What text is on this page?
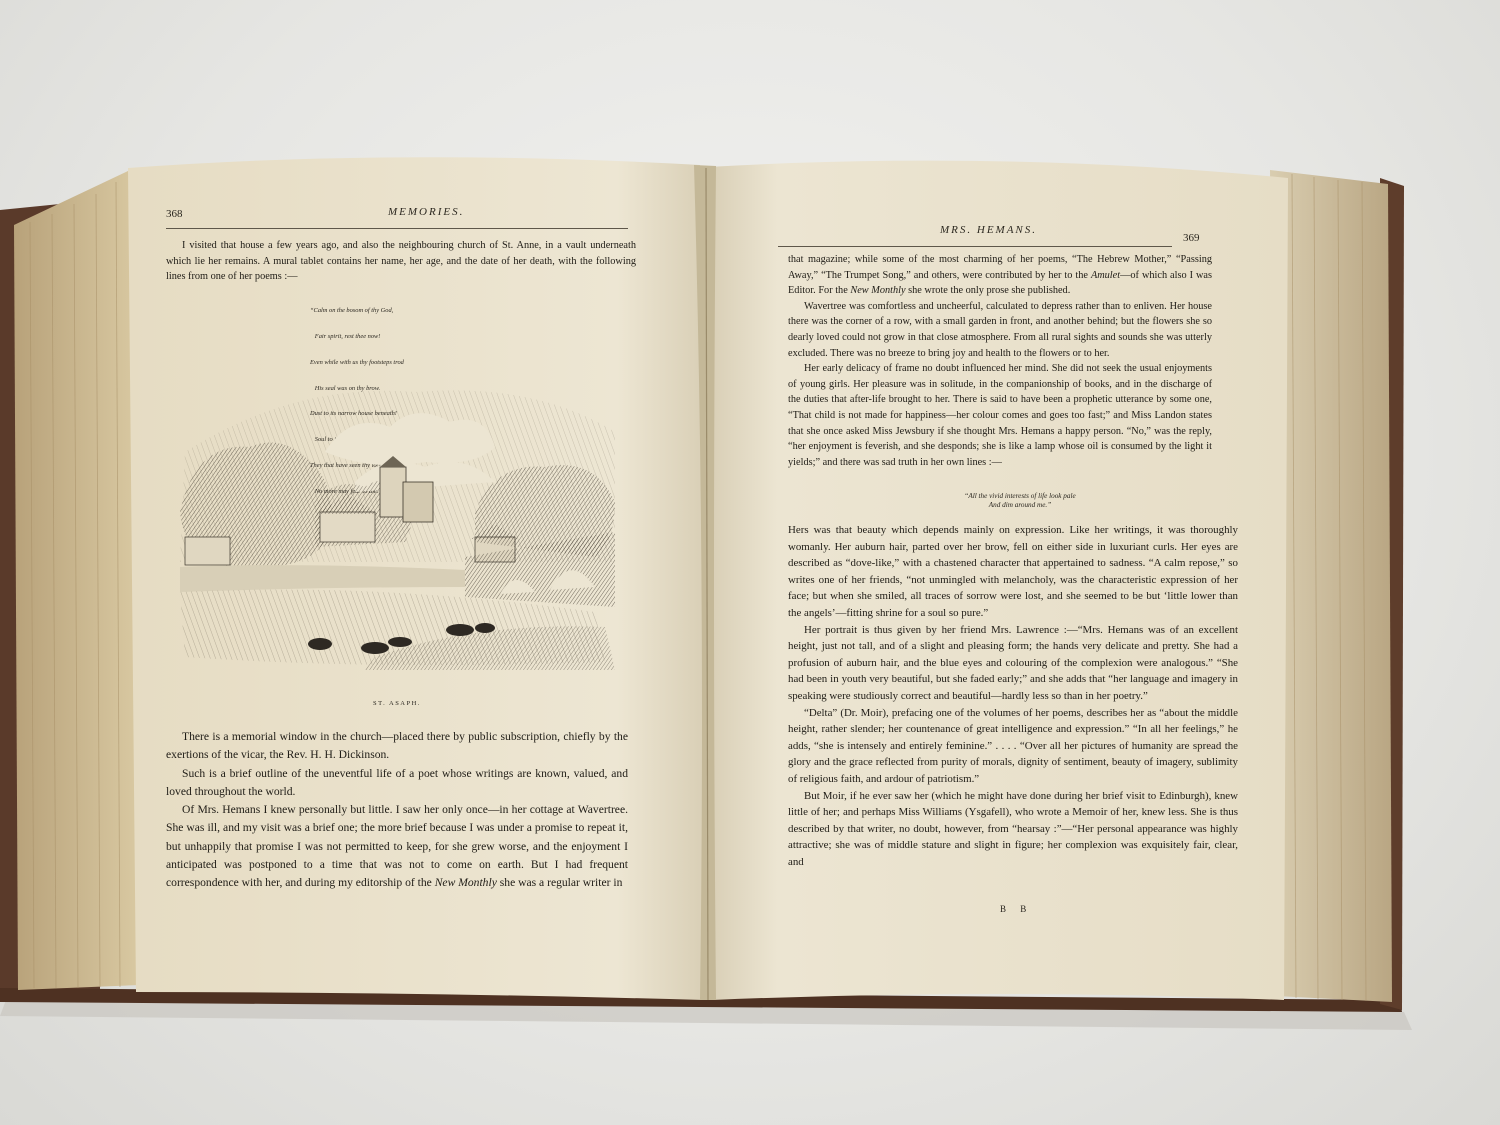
368	MEMORIES.

I visited that house a few years ago, and also the neighbouring church of St. Anne, in a vault underneath which lie her remains. A mural tablet contains her name, her age, and the date of her death, with the following lines from one of her poems :—

“Calm on the bosom of thy God,

Fair spirit, rest thee now!

Even while with us thy footsteps trod

His seal was on thy brow.

ST. ASAPH.

There is a memorial window in the church—placed there by public subscription, chiefly by the exertions of the vicar, the Rev. H. H. Dickinson.

Such is a brief outline of the uneventful life of a poet whose writings are known, valued, and loved throughout the world.

Of Mrs. Hemans I knew personally but little. I saw her only once—in her cottage at Wavertree. She was ill, and my visit was a brief one; the more brief because I was under a promise to repeat it, but unhappily that promise I was not permitted to keep, for she grew worse, and the enjoyment I anticipated was postponed to a time that was not to come on earth. But I had frequent correspondence with her, and during my editorship of the New Monthly she was a regular writer in

MRS. HEMANS.
369

that magazine; while some of the most charming of her poems, “The Hebrew Mother,” “Passing Away,” “The Trumpet Song,” and others, were contributed by her to the Amulet—of which also I was Editor. For the New Monthly she wrote the only prose she published.

Wavertree was comfortless and uncheerful, calculated to depress rather than to enliven. Her house there was the corner of a row, with a small garden in front, and another behind; but the flowers she so dearly loved could not grow in that close atmosphere. From all rural sights and sounds she was utterly excluded. There was no breeze to bring joy and health to the flowers or to her.

Her early delicacy of frame no doubt influenced her mind. She did not seek the usual enjoyments of young girls. Her pleasure was in solitude, in the companionship of books, and in the discharge of the duties that after-life brought to her. There is said to have been a prophetic utterance by some one, “That child is not made for happiness—her colour comes and goes too fast;” and Miss Landon states that she once asked Miss Jewsbury if she thought Mrs. Hemans a happy person. “No,” was the reply, “her enjoyment is feverish, and she desponds; she is like a lamp whose oil is consumed by the light it yields;” and there was sad truth in her own lines :—

“All the vivid interests of life look pale
And dim around me.”

Hers was that beauty which depends mainly on expression. Like her writings, it was thoroughly womanly. Her auburn hair, parted over her brow, fell on either side in luxuriant curls. Her eyes are described as “dove-like,” with a chastened character that appertained to sadness. “A calm repose,” so writes one of her friends, “not unmingled with melancholy, was the characteristic expression of her face; but when she smiled, all traces of sorrow were lost, and she seemed to be but ‘little lower than the angels’—fitting shrine for a soul so pure.”

Her portrait is thus given by her friend Mrs. Lawrence :—“Mrs. Hemans was of an excellent height, just not tall, and of a slight and pleasing form; the hands very delicate and pretty. She had a profusion of auburn hair, and the blue eyes and colouring of the complexion were analogous.” “She had been in youth very beautiful, but she faded early;” and she adds that “her language and imagery in speaking were studiously correct and beautiful—hardly less so than in her poetry.”

“Delta” (Dr. Moir), prefacing one of the volumes of her poems, describes her as “about the middle height, rather slender; her countenance of great intelligence and expression.” “In all her feelings,” he adds, “she is intensely and entirely feminine.” . . . . “Over all her pictures of humanity are spread the glory and the grace reflected from purity of morals, dignity of sentiment, beauty of imagery, sublimity of religious faith, and ardour of patriotism.”

But Moir, if he ever saw her (which he might have done during her brief visit to Edinburgh), knew little of her; and perhaps Miss Williams (Ysgafell), who wrote a Memoir of her, knew less. She is thus described by that writer, no doubt, however, from “hearsay :”—“Her personal appearance was highly attractive; she was of middle stature and slight in figure; her complexion was exquisitely fair, clear, and

B B
